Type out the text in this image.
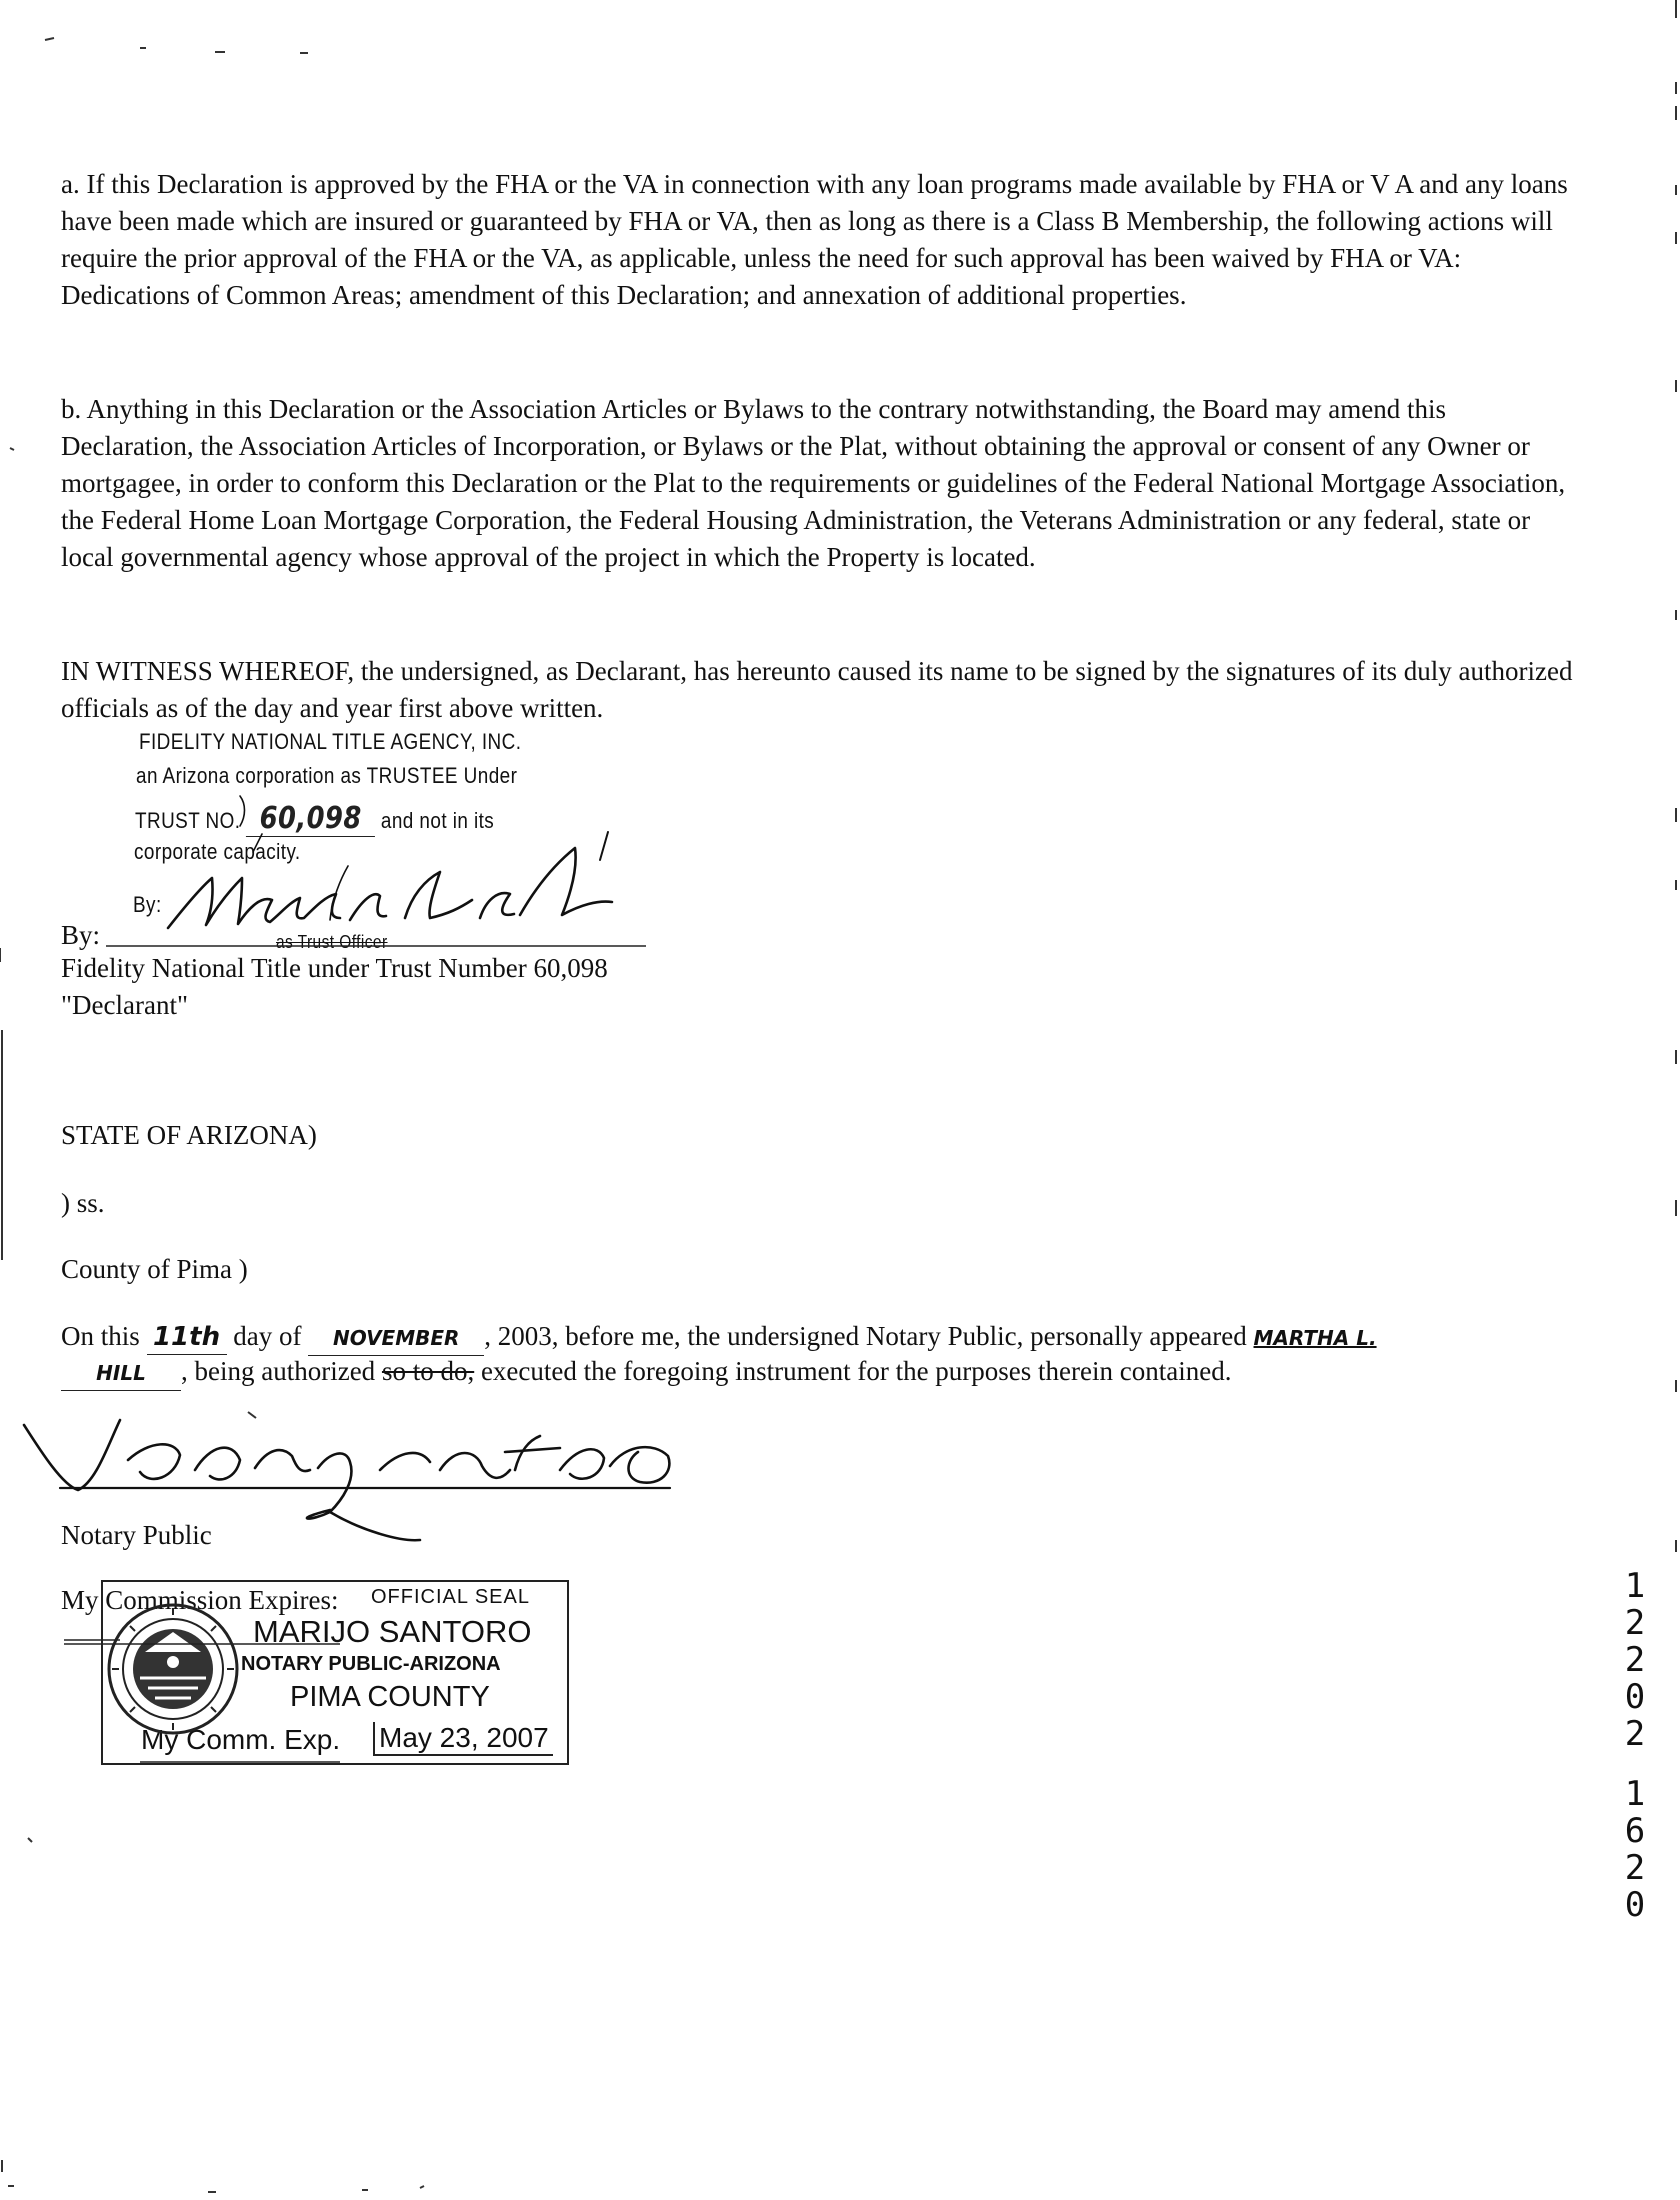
a. If this Declaration is approved by the FHA or the VA in connection with any loan programs made available by FHA or V A and any loans have been made which are insured or guaranteed by FHA or VA, then as long as there is a Class B Membership, the following actions will require the prior approval of the FHA or the VA, as applicable, unless the need for such approval has been waived by FHA or VA: Dedications of Common Areas; amendment of this Declaration; and annexation of additional properties.

b. Anything in this Declaration or the Association Articles or Bylaws to the contrary notwithstanding, the Board may amend this Declaration, the Association Articles of Incorporation, or Bylaws or the Plat, without obtaining the approval or consent of any Owner or mortgagee, in order to conform this Declaration or the Plat to the requirements or guidelines of the Federal National Mortgage Association, the Federal Home Loan Mortgage Corporation, the Federal Housing Administration, the Veterans Administration or any federal, state or local governmental agency whose approval of the project in which the Property is located.

IN WITNESS WHEREOF, the undersigned, as Declarant, has hereunto caused its name to be signed by the signatures of its duly authorized officials as of the day and year first above written.

FIDELITY NATIONAL TITLE AGENCY, INC.
an Arizona corporation as TRUSTEE Under
TRUST NO. 60,098 and not in its
corporate capacity.
By:
as Trust Officer
By:
Fidelity National Title under Trust Number 60,098
"Declarant"
STATE OF ARIZONA)
) ss.
County of Pima )
On this 11th day of NOVEMBER , 2003, before me, the undersigned Notary Public, personally appeared MARTHA L.
HILL , being authorized so to do, executed the foregoing instrument for the purposes therein contained.
Notary Public
My Commission Expires: OFFICIAL SEAL
MARIJO SANTORO
NOTARY PUBLIC-ARIZONA
PIMA COUNTY
My Comm. Exp. May 23, 2007
1
2
2
0
2
1
6
2
0
